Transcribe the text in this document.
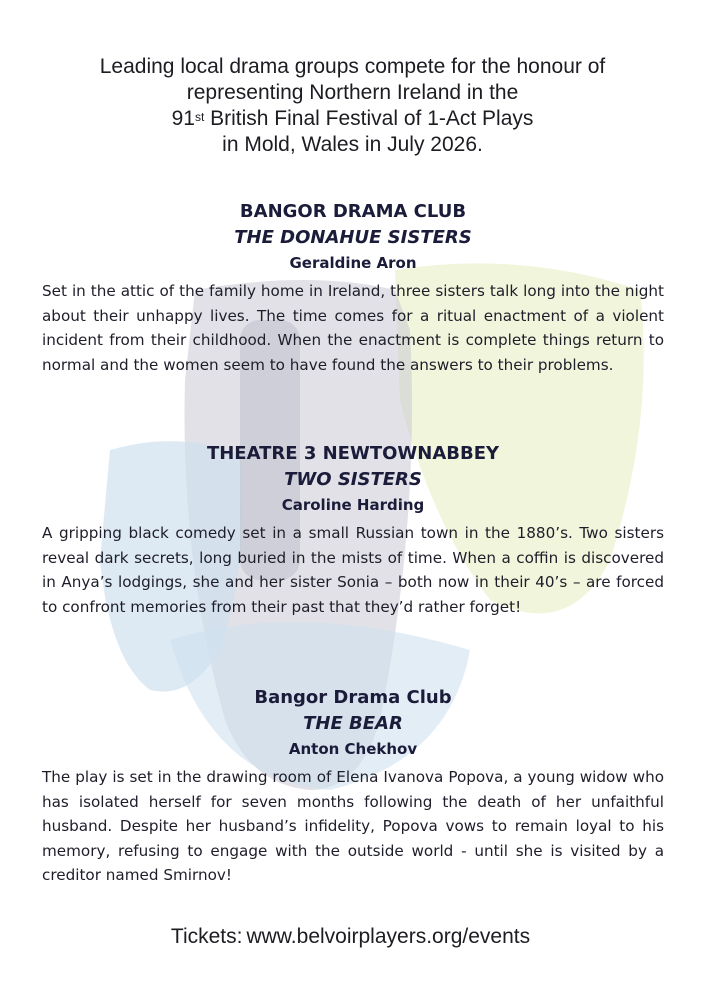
Leading local drama groups compete for the honour of
representing Northern Ireland in the
91st British Final Festival of 1-Act Plays
in Mold, Wales in July 2026.
BANGOR DRAMA CLUB
THE DONAHUE SISTERS
Geraldine Aron
Set in the attic of the family home in Ireland, three sisters talk long into the night about their unhappy lives. The time comes for a ritual enactment of a violent incident from their childhood. When the enactment is complete things return to normal and the women seem to have found the answers to their problems.
THEATRE 3 NEWTOWNABBEY
TWO SISTERS
Caroline Harding
A gripping black comedy set in a small Russian town in the 1880’s. Two sisters reveal dark secrets, long buried in the mists of time. When a coffin is discovered in Anya’s lodgings, she and her sister Sonia – both now in their 40’s – are forced to confront memories from their past that they’d rather forget!
Bangor Drama Club
THE BEAR
Anton Chekhov
The play is set in the drawing room of Elena Ivanova Popova, a young widow who has isolated herself for seven months following the death of her unfaithful husband. Despite her husband’s infidelity, Popova vows to remain loyal to his memory, refusing to engage with the outside world - until she is visited by a creditor named Smirnov!
Tickets: www.belvoirplayers.org/events
